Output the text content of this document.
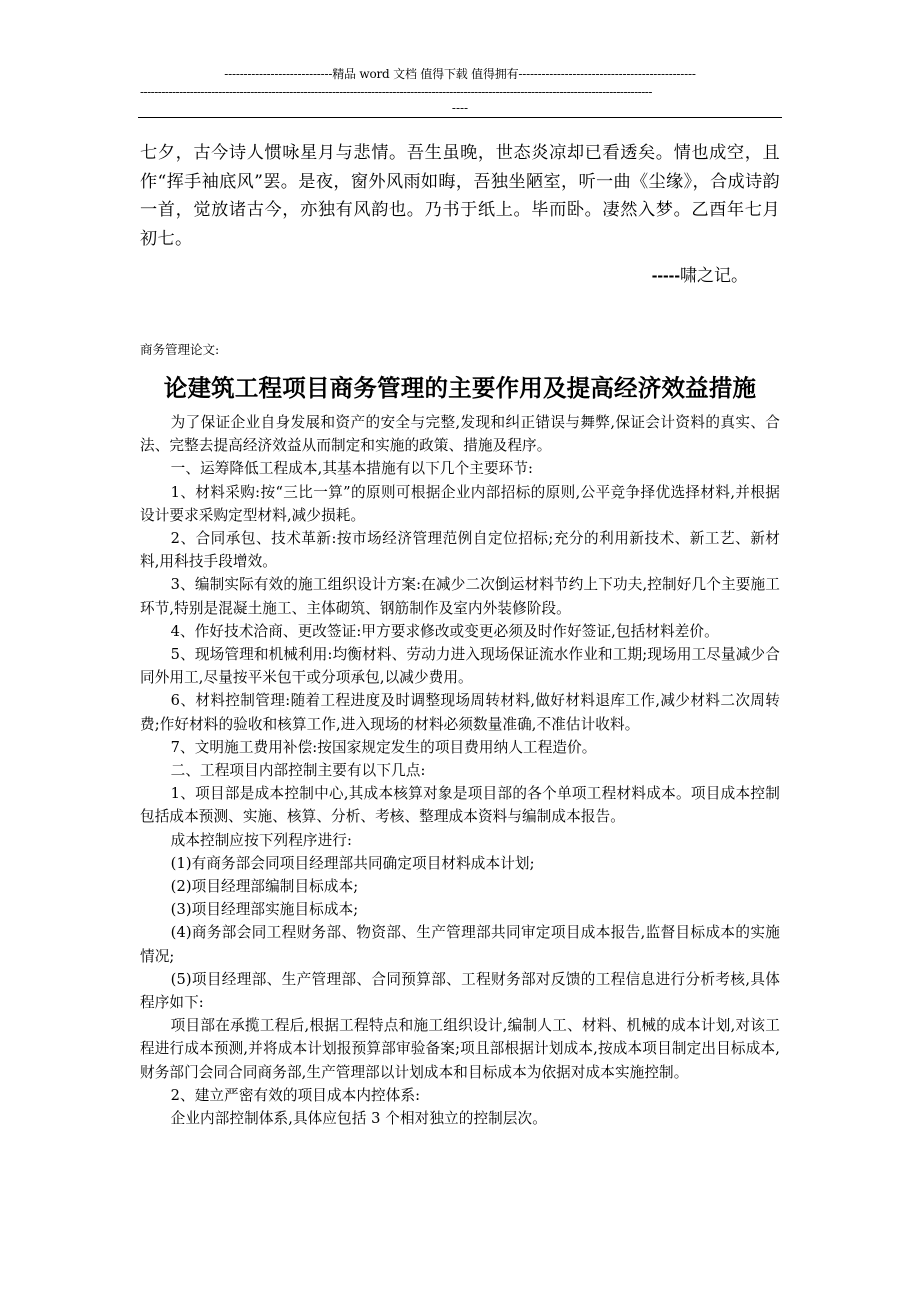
----------------------------精品 word 文档 值得下载 值得拥有----------------------------------------------
------------------------------------------------------------------------------------------------------------------------------------------------
----
七夕，古今诗人惯咏星月与悲情。吾生虽晚，世态炎凉却已看透矣。情也成空，且作“挥手袖底风”罢。是夜，窗外风雨如晦，吾独坐陋室，听一曲《尘缘》，合成诗韵一首，觉放诸古今，亦独有风韵也。乃书于纸上。毕而卧。凄然入梦。乙酉年七月初七。
-----啸之记。
商务管理论文:
论建筑工程项目商务管理的主要作用及提高经济效益措施

为了保证企业自身发展和资产的安全与完整,发现和纠正错误与舞弊,保证会计资料的真实、合法、完整去提高经济效益从而制定和实施的政策、措施及程序。

一、运筹降低工程成本,其基本措施有以下几个主要环节:

1、材料采购:按“三比一算”的原则可根据企业内部招标的原则,公平竞争择优选择材料,并根据设计要求采购定型材料,减少损耗。

2、合同承包、技术革新:按市场经济管理范例自定位招标;充分的利用新技术、新工艺、新材料,用科技手段增效。

3、编制实际有效的施工组织设计方案:在减少二次倒运材料节约上下功夫,控制好几个主要施工环节,特别是混凝土施工、主体砌筑、钢筋制作及室内外装修阶段。

4、作好技术洽商、更改签证:甲方要求修改或变更必须及时作好签证,包括材料差价。

5、现场管理和机械利用:均衡材料、劳动力进入现场保证流水作业和工期;现场用工尽量减少合同外用工,尽量按平米包干或分项承包,以减少费用。

6、材料控制管理:随着工程进度及时调整现场周转材料,做好材料退库工作,减少材料二次周转费;作好材料的验收和核算工作,进入现场的材料必须数量准确,不准估计收料。

7、文明施工费用补偿:按国家规定发生的项目费用纳人工程造价。

二、工程项目内部控制主要有以下几点:

1、项目部是成本控制中心,其成本核算对象是项目部的各个单项工程材料成本。项目成本控制包括成本预测、实施、核算、分析、考核、整理成本资料与编制成本报告。

成本控制应按下列程序进行:

(1)有商务部会同项目经理部共同确定项目材料成本计划;

(2)项目经理部编制目标成本;

(3)项目经理部实施目标成本;

(4)商务部会同工程财务部、物资部、生产管理部共同审定项目成本报告,监督目标成本的实施情况;

(5)项目经理部、生产管理部、合同预算部、工程财务部对反馈的工程信息进行分析考核,具体程序如下:

项目部在承揽工程后,根据工程特点和施工组织设计,编制人工、材料、机械的成本计划,对该工程进行成本预测,并将成本计划报预算部审验备案;项且部根据计划成本,按成本项目制定出目标成本,财务部门会同合同商务部,生产管理部以计划成本和目标成本为依据对成本实施控制。

2、建立严密有效的项目成本内控体系:

企业内部控制体系,具体应包括 3 个相对独立的控制层次。
